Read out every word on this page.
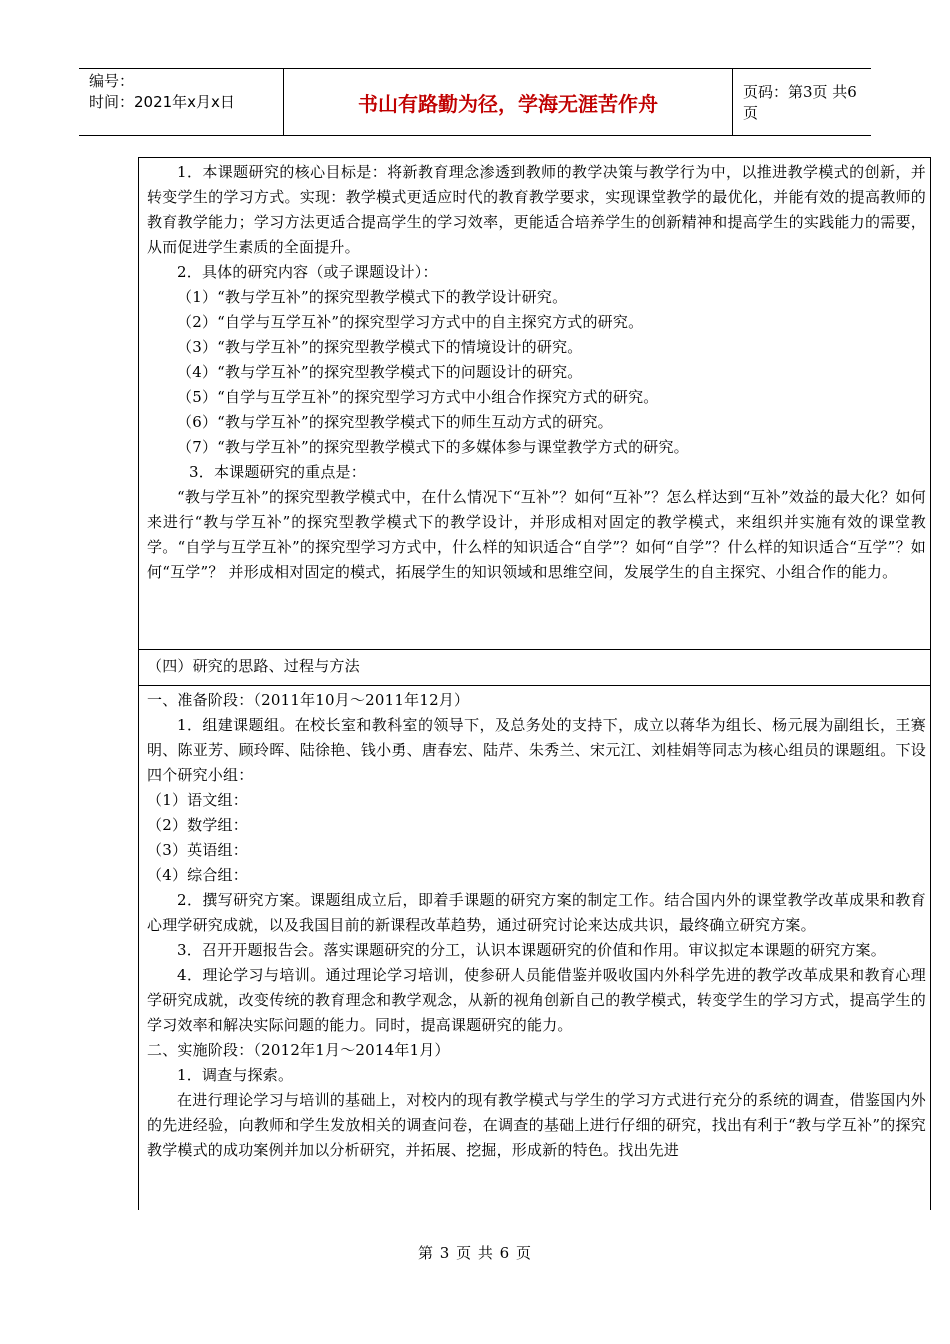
编号：
时间：2021年x月x日	书山有路勤为径，学海无涯苦作舟	页码：第3页 共6页

1．本课题研究的核心目标是：将新教育理念渗透到教师的教学决策与教学行为中，以推进教学模式的创新，并转变学生的学习方式。实现：教学模式更适应时代的教育教学要求，实现课堂教学的最优化，并能有效的提高教师的教育教学能力；学习方法更适合提高学生的学习效率，更能适合培养学生的创新精神和提高学生的实践能力的需要，从而促进学生素质的全面提升。

2．具体的研究内容（或子课题设计）：

（1）“教与学互补”的探究型教学模式下的教学设计研究。

（2）“自学与互学互补”的探究型学习方式中的自主探究方式的研究。

（3）“教与学互补”的探究型教学模式下的情境设计的研究。

（4）“教与学互补”的探究型教学模式下的问题设计的研究。

（5）“自学与互学互补”的探究型学习方式中小组合作探究方式的研究。

（6）“教与学互补”的探究型教学模式下的师生互动方式的研究。

（7）“教与学互补”的探究型教学模式下的多媒体参与课堂教学方式的研究。

3．本课题研究的重点是：

“教与学互补”的探究型教学模式中，在什么情况下“互补”？如何“互补”？怎么样达到“互补”效益的最大化？如何来进行“教与学互补”的探究型教学模式下的教学设计，并形成相对固定的教学模式，来组织并实施有效的课堂教学。“自学与互学互补”的探究型学习方式中，什么样的知识适合“自学”？如何“自学”？什么样的知识适合“互学”？如何“互学”？ 并形成相对固定的模式，拓展学生的知识领域和思维空间，发展学生的自主探究、小组合作的能力。

（四）研究的思路、过程与方法

一、准备阶段：（2011年10月～2011年12月）

1．组建课题组。在校长室和教科室的领导下，及总务处的支持下，成立以蒋华为组长、杨元展为副组长，王赛明、陈亚芳、顾玲晖、陆徐艳、钱小勇、唐春宏、陆芹、朱秀兰、宋元江、刘桂娟等同志为核心组员的课题组。下设四个研究小组：

（1）语文组：

（2）数学组：

（3）英语组：

（4）综合组：

2．撰写研究方案。课题组成立后，即着手课题的研究方案的制定工作。结合国内外的课堂教学改革成果和教育心理学研究成就，以及我国目前的新课程改革趋势，通过研究讨论来达成共识，最终确立研究方案。

3．召开开题报告会。落实课题研究的分工，认识本课题研究的价值和作用。审议拟定本课题的研究方案。

4．理论学习与培训。通过理论学习培训，使参研人员能借鉴并吸收国内外科学先进的教学改革成果和教育心理学研究成就，改变传统的教育理念和教学观念，从新的视角创新自己的教学模式，转变学生的学习方式，提高学生的学习效率和解决实际问题的能力。同时，提高课题研究的能力。

二、实施阶段：（2012年1月～2014年1月）

1．调查与探索。

在进行理论学习与培训的基础上，对校内的现有教学模式与学生的学习方式进行充分的系统的调查，借鉴国内外的先进经验，向教师和学生发放相关的调查问卷，在调查的基础上进行仔细的研究，找出有利于“教与学互补”的探究教学模式的成功案例并加以分析研究，并拓展、挖掘，形成新的特色。找出先进

第 3 页 共 6 页
